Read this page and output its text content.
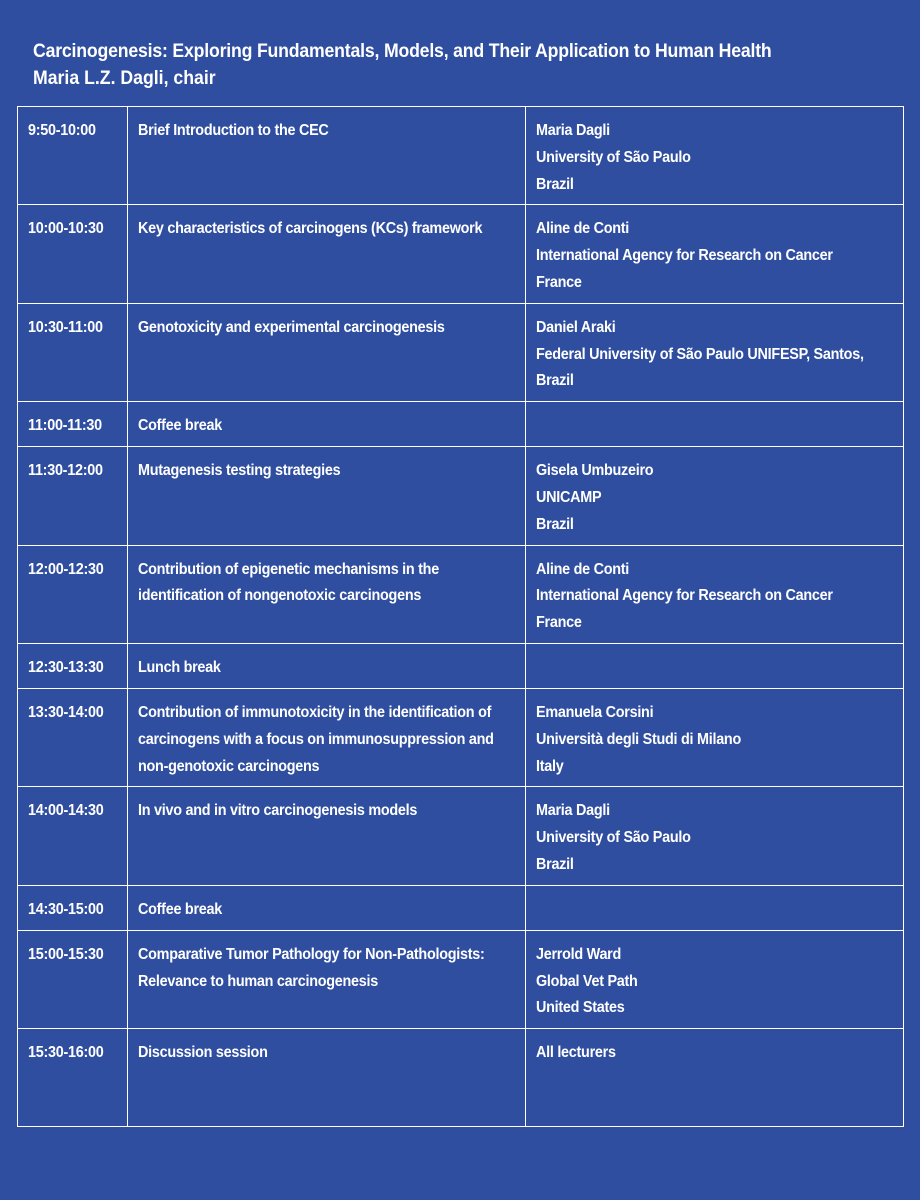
Carcinogenesis: Exploring Fundamentals, Models, and Their Application to Human Health
Maria L.Z. Dagli, chair
9:50-10:00	Brief Introduction to the CEC	Maria Dagli
University of São Paulo
Brazil

10:00-10:30	Key characteristics of carcinogens (KCs) framework	Aline de Conti
International Agency for Research on Cancer
France

10:30-11:00	Genotoxicity and experimental carcinogenesis	Daniel Araki
Federal University of São Paulo UNIFESP, Santos,
Brazil

11:00-11:30	Coffee break	

11:30-12:00	Mutagenesis testing strategies	Gisela Umbuzeiro
UNICAMP
Brazil

12:00-12:30	Contribution of epigenetic mechanisms in the
identification of nongenotoxic carcinogens	Aline de Conti
International Agency for Research on Cancer
France

12:30-13:30	Lunch break	

13:30-14:00	Contribution of immunotoxicity in the identification of
carcinogens with a focus on immunosuppression and
non-genotoxic carcinogens	Emanuela Corsini
Università degli Studi di Milano
Italy

14:00-14:30	In vivo and in vitro carcinogenesis models	Maria Dagli
University of São Paulo
Brazil

14:30-15:00	Coffee break	

15:00-15:30	Comparative Tumor Pathology for Non-Pathologists:
Relevance to human carcinogenesis	Jerrold Ward
Global Vet Path
United States

15:30-16:00	Discussion session	All lecturers
